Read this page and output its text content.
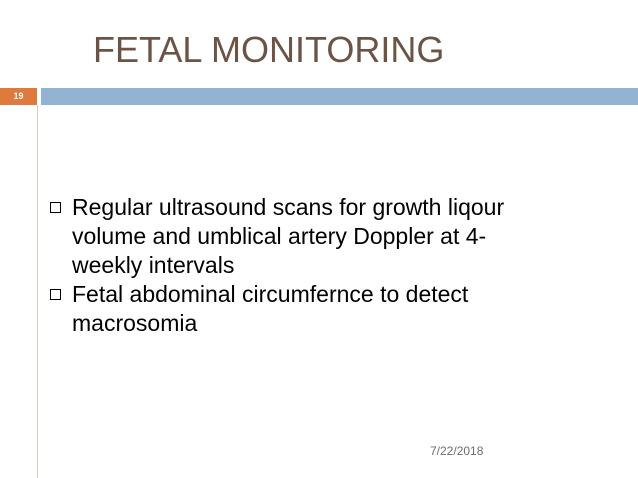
FETAL MONITORING
19
Regular ultrasound scans for growth liqour
volume and umblical artery Doppler at 4-
weekly intervals
Fetal abdominal circumfernce to detect
macrosomia
7/22/2018
